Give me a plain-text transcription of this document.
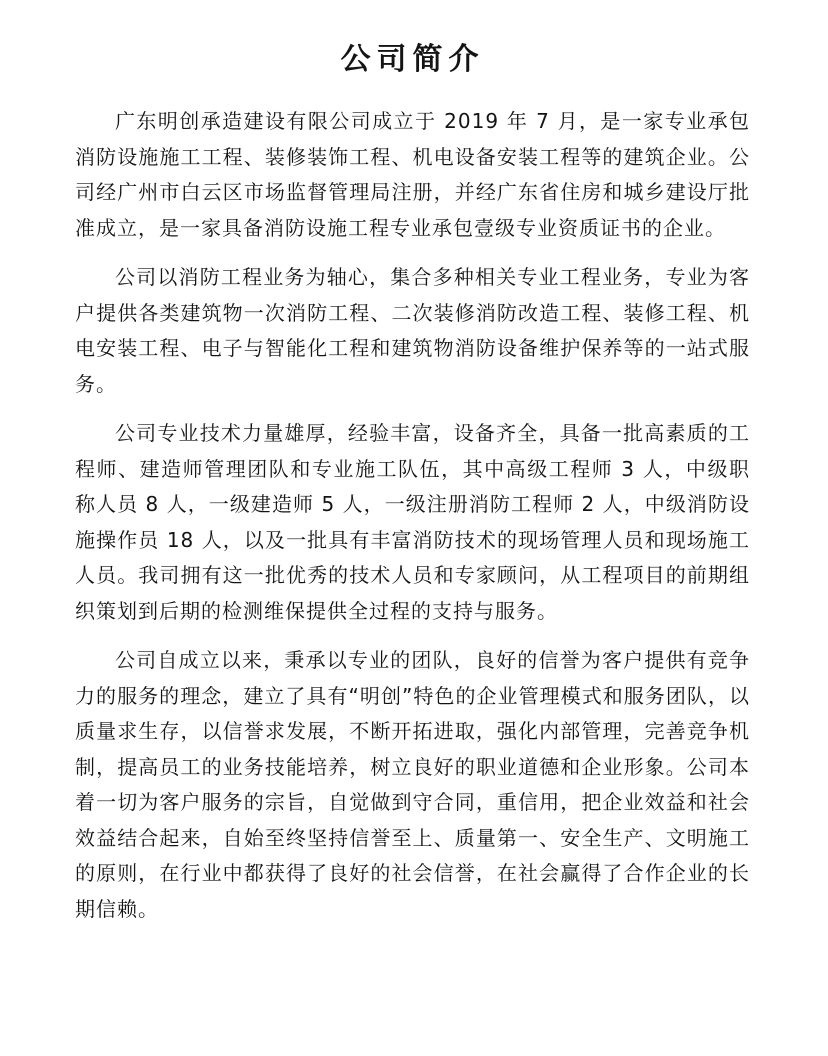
公司简介

广东明创承造建设有限公司成立于 2019 年 7 月，是一家专业承包消防设施施工工程、装修装饰工程、机电设备安装工程等的建筑企业。公司经广州市白云区市场监督管理局注册，并经广东省住房和城乡建设厅批准成立，是一家具备消防设施工程专业承包壹级专业资质证书的企业。

公司以消防工程业务为轴心，集合多种相关专业工程业务，专业为客户提供各类建筑物一次消防工程、二次装修消防改造工程、装修工程、机电安装工程、电子与智能化工程和建筑物消防设备维护保养等的一站式服务。

公司专业技术力量雄厚，经验丰富，设备齐全，具备一批高素质的工程师、建造师管理团队和专业施工队伍，其中高级工程师 3 人，中级职称人员 8 人，一级建造师 5 人，一级注册消防工程师 2 人，中级消防设施操作员 18 人，以及一批具有丰富消防技术的现场管理人员和现场施工人员。我司拥有这一批优秀的技术人员和专家顾问，从工程项目的前期组织策划到后期的检测维保提供全过程的支持与服务。

公司自成立以来，秉承以专业的团队，良好的信誉为客户提供有竞争力的服务的理念，建立了具有“明创”特色的企业管理模式和服务团队，以质量求生存，以信誉求发展，不断开拓进取，强化内部管理，完善竞争机制，提高员工的业务技能培养，树立良好的职业道德和企业形象。公司本着一切为客户服务的宗旨，自觉做到守合同，重信用，把企业效益和社会效益结合起来，自始至终坚持信誉至上、质量第一、安全生产、文明施工的原则，在行业中都获得了良好的社会信誉，在社会赢得了合作企业的长期信赖。
